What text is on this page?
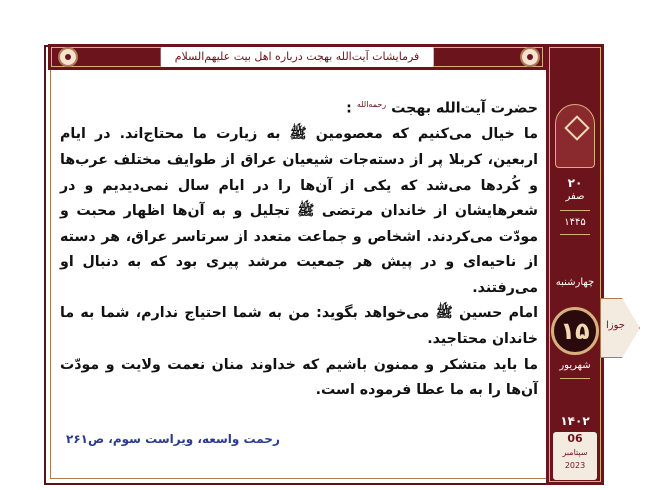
فرمایشات آیت‌الله بهجت درباره اهل بیت علیهم‌السلام
۲۰
صفر
۱۴۴۵
چهارشنبه
۱۵
شهریور
۱۴۰۲
06
سپتامبر
2023
جوزا

حضرت آیت‌الله بهجت $^{رحمه‌الله}$ :

ما خیال می‌کنیم که معصومین ﷺ به زیارت ما محتاج‌اند. در ایام اربعین، کربلا پر از دسته‌جات شیعیان عراق از طوایف مختلف عرب‌ها و کُردها می‌شد که یکی از آن‌ها را در ایام سال نمی‌دیدیم و در شعرهایشان از خاندان مرتضی ﷺ تجلیل و به آن‌ها اظهار محبت و مودّت می‌کردند. اشخاص و جماعت متعدد از سرتاسر عراق، هر دسته از ناحیه‌ای و در پیش هر جمعیت مرشد پیری بود که به دنبال او می‌رفتند.

امام حسین ﷺ می‌خواهد بگوید: من به شما احتیاج ندارم، شما به ما خاندان محتاجید.

ما باید متشکر و ممنون باشیم که خداوند منان نعمت ولایت و مودّت آن‌ها را به ما عطا فرموده است.

رحمت واسعه، ویراست سوم، ص۲۶۱
